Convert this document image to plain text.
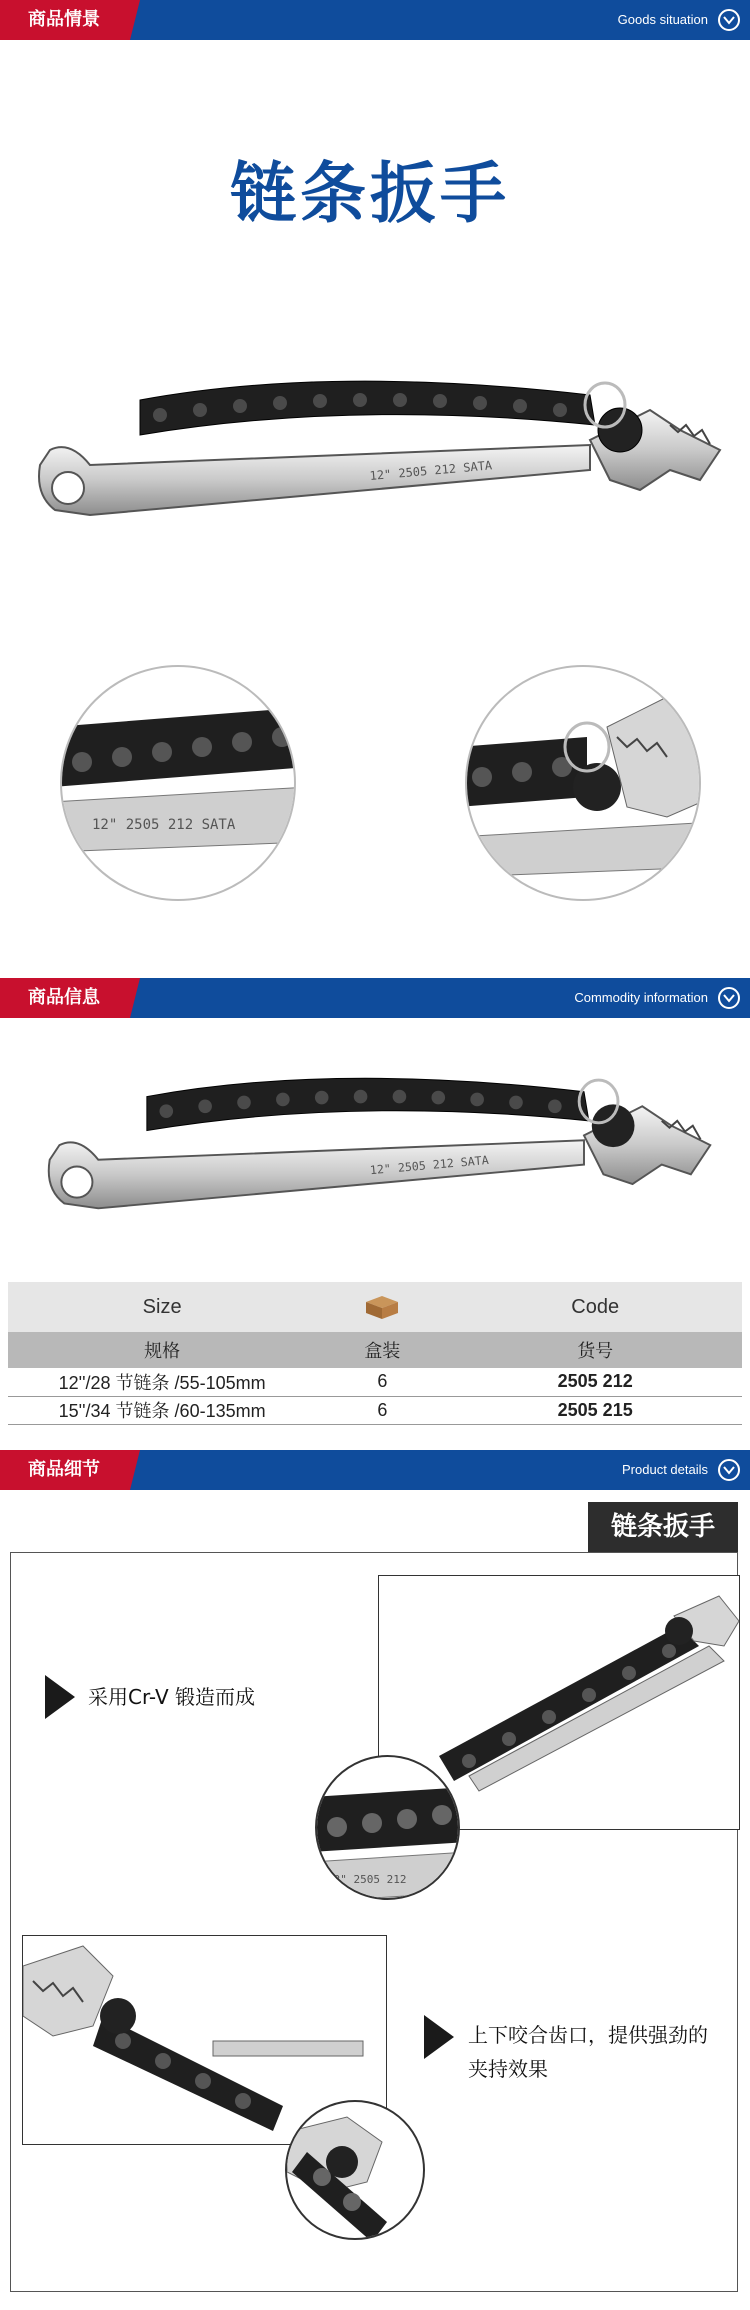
商品情景	Goods situation
链条扳手
12" 2505 212 SATA
12" 2505 212 SATA
商品信息	Commodity information
12" 2505 212 SATA
Size		Code
规格	盒装	货号
12''/28 节链条 /55-105mm	6	2505 212
15''/34 节链条 /60-135mm	6	2505 215
商品细节	Product details
链条扳手
采用Cr-V 锻造而成
12" 2505 212
上下咬合齿口，提供强劲的
夹持效果
